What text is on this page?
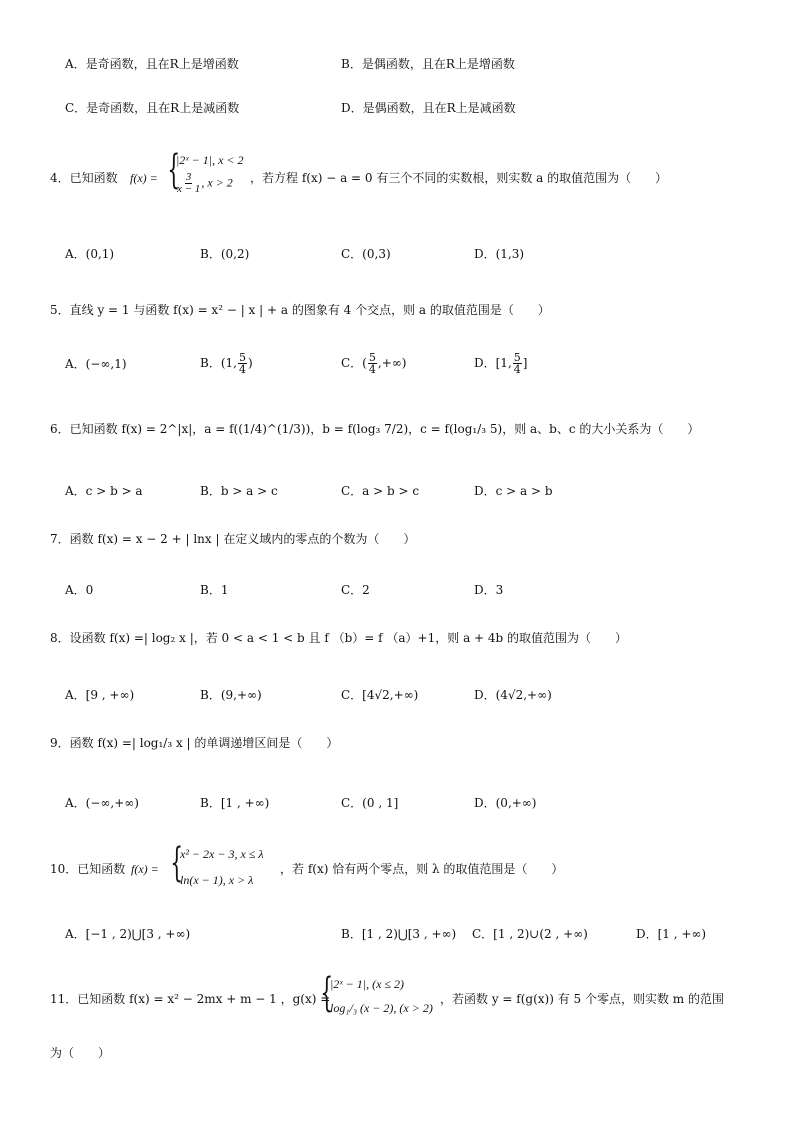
A．是奇函数，且在R上是增函数	B．是偶函数，且在R上是增函数
C．是奇函数，且在R上是减函数	D．是偶函数，且在R上是减函数
4．已知函数 f(x) = {
|2ˣ − 1|, x < 2
$\frac{3}{x - 1}$ , x > 2 ，若方程 f(x) − a = 0 有三个不同的实数根，则实数 a 的取值范围为（　　）
A．(0,1)	B．(0,2)	C．(0,3)	D．(1,3)
5．直线 y = 1 与函数 f(x) = x² − | x | + a 的图象有 4 个交点，则 a 的取值范围是（　　）
A．(−∞,1)	B．(1, $\frac{5}{4}$ )	C．( $\frac{5}{4}$ ,+∞)	D．[1, $\frac{5}{4}$ ]
6．已知函数 f(x) = 2^|x|，a = f((1/4)^(1/3))，b = f(log₃ 7/2)，c = f(log₁/₃ 5)，则 a、b、c 的大小关系为（　　）
A．c > b > a	B．b > a > c	C．a > b > c	D．c > a > b
7．函数 f(x) = x − 2 + | lnx | 在定义域内的零点的个数为（　　）
A．0	B．1	C．2	D．3
8．设函数 f(x) =| log₂ x |，若 0 < a < 1 < b 且 f （b）= f （a）+1，则 a + 4b 的取值范围为（　　）
A．[9 , +∞)	B．(9,+∞)	C．[4√2,+∞)	D．(4√2,+∞)
9．函数 f(x) =| log₁/₃ x | 的单调递增区间是（　　）
A．(−∞,+∞)	B．[1 , +∞)	C．(0 , 1]	D．(0,+∞)
10．已知函数 f(x) = {
x² − 2x − 3, x ≤ λ
ln(x − 1), x > λ
，若 f(x) 恰有两个零点，则 λ 的取值范围是（　　）
A．[−1 , 2)⋃[3 , +∞)	B．[1 , 2)⋃[3 , +∞) C．[1 , 2)∪(2 , +∞)	D．[1 , +∞)
11．已知函数 f(x) = x² − 2mx + m − 1 ，g(x) =
{
|2ˣ − 1|, (x ≤ 2)
log₁/₃ (x − 2), (x > 2)
，若函数 y = f(g(x)) 有 5 个零点，则实数 m 的范围
为（　　）
